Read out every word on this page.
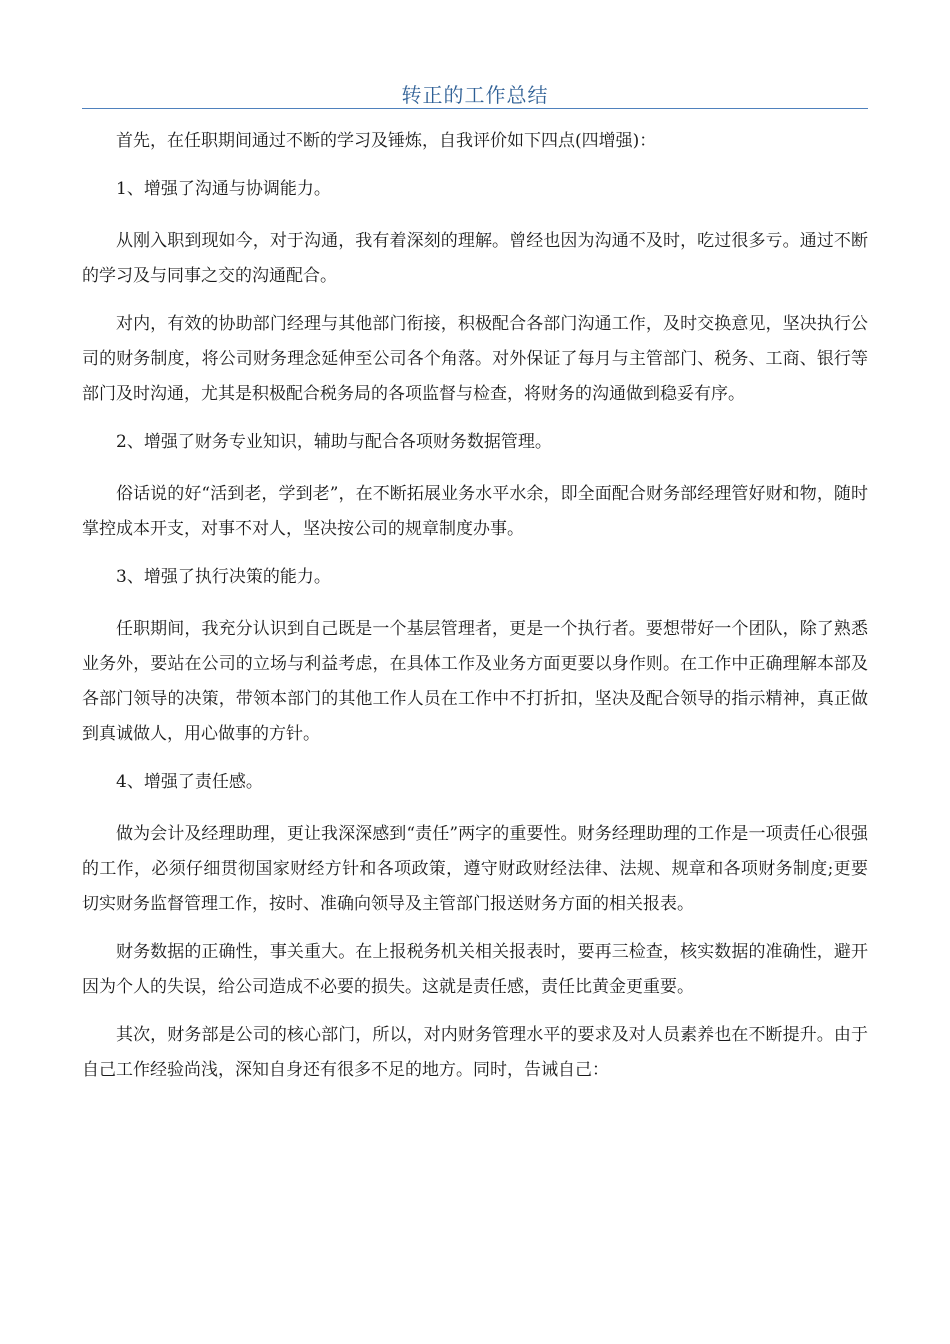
转正的工作总结

首先，在任职期间通过不断的学习及锤炼，自我评价如下四点(四增强)：

1、增强了沟通与协调能力。

从刚入职到现如今，对于沟通，我有着深刻的理解。曾经也因为沟通不及时，吃过很多亏。通过不断的学习及与同事之交的沟通配合。

对内，有效的协助部门经理与其他部门衔接，积极配合各部门沟通工作，及时交换意见，坚决执行公司的财务制度，将公司财务理念延伸至公司各个角落。对外保证了每月与主管部门、税务、工商、银行等部门及时沟通，尤其是积极配合税务局的各项监督与检查，将财务的沟通做到稳妥有序。

2、增强了财务专业知识，辅助与配合各项财务数据管理。

俗话说的好“活到老，学到老”，在不断拓展业务水平水余，即全面配合财务部经理管好财和物，随时掌控成本开支，对事不对人，坚决按公司的规章制度办事。

3、增强了执行决策的能力。

任职期间，我充分认识到自己既是一个基层管理者，更是一个执行者。要想带好一个团队，除了熟悉业务外，要站在公司的立场与利益考虑，在具体工作及业务方面更要以身作则。在工作中正确理解本部及各部门领导的决策，带领本部门的其他工作人员在工作中不打折扣，坚决及配合领导的指示精神，真正做到真诚做人，用心做事的方针。

4、增强了责任感。

做为会计及经理助理，更让我深深感到“责任”两字的重要性。财务经理助理的工作是一项责任心很强的工作，必须仔细贯彻国家财经方针和各项政策，遵守财政财经法律、法规、规章和各项财务制度;更要切实财务监督管理工作，按时、准确向领导及主管部门报送财务方面的相关报表。

财务数据的正确性，事关重大。在上报税务机关相关报表时，要再三检查，核实数据的准确性，避开因为个人的失误，给公司造成不必要的损失。这就是责任感，责任比黄金更重要。

其次，财务部是公司的核心部门，所以，对内财务管理水平的要求及对人员素养也在不断提升。由于自己工作经验尚浅，深知自身还有很多不足的地方。同时，告诫自己：
